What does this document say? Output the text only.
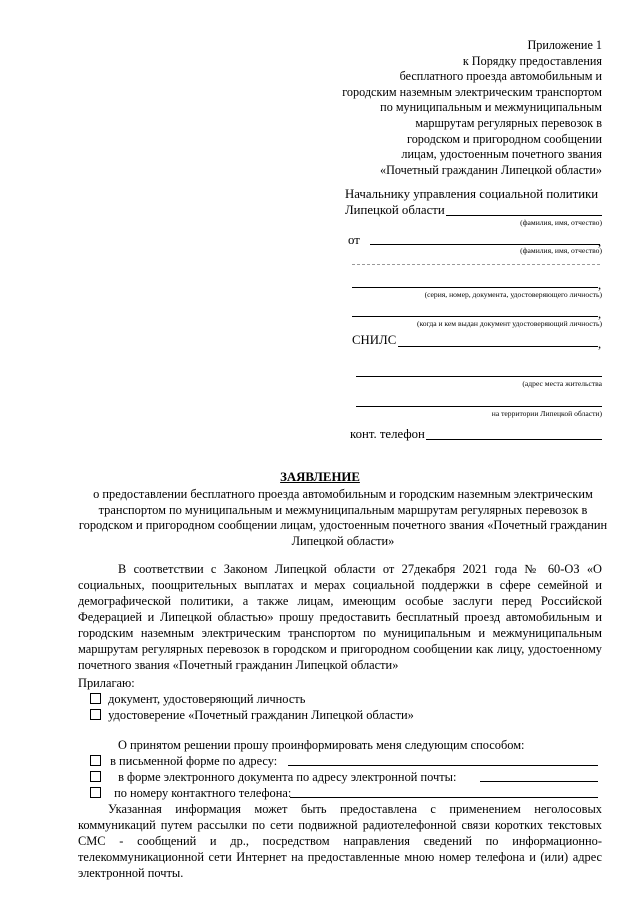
Приложение 1
к Порядку предоставления
бесплатного проезда автомобильным и
городским наземным электрическим транспортом
по муниципальным и межмуниципальным
маршрутам регулярных перевозок в
городском и пригородном сообщении
лицам, удостоенным почетного звания
«Почетный гражданин Липецкой области»
Начальнику управления социальной политики
Липецкой области
(фамилия, имя, отчество)
от	,
(фамилия, имя, отчество)
,
(серия, номер, документа, удостоверяющего личность)
,
(когда и кем выдан документ удостоверяющий личность)
СНИЛС	,
(адрес места жительства
на территории Липецкой области)
конт. телефон
ЗАЯВЛЕНИЕ
о предоставлении бесплатного проезда автомобильным и городским наземным электрическим транспортом по муниципальным и межмуниципальным маршрутам регулярных перевозок в городском и пригородном сообщении лицам, удостоенным почетного звания «Почетный гражданин Липецкой области»
В соответствии с Законом Липецкой области от 27декабря 2021 года № 60-ОЗ «О социальных, поощрительных выплатах и мерах социальной поддержки в сфере семейной и демографической политики, а также лицам, имеющим особые заслуги перед Российской Федерацией и Липецкой областью» прошу предоставить бесплатный проезд автомобильным и городским наземным электрическим транспортом по муниципальным и межмуниципальным маршрутам регулярных перевозок в городском и пригородном сообщении как лицу, удостоенному почетного звания «Почетный гражданин Липецкой области»
Прилагаю:
документ, удостоверяющий личность
удостоверение «Почетный гражданин Липецкой области»
О принятом решении прошу проинформировать меня следующим способом:
в письменной форме по адресу:
в форме электронного документа по адресу электронной почты:
по номеру контактного телефона:
Указанная информация может быть предоставлена с применением неголосовых коммуникаций путем рассылки по сети подвижной радиотелефонной связи коротких текстовых СМС - сообщений и др., посредством направления сведений по информационно-телекоммуникационной сети Интернет на предоставленные мною номер телефона и (или) адрес электронной почты.
